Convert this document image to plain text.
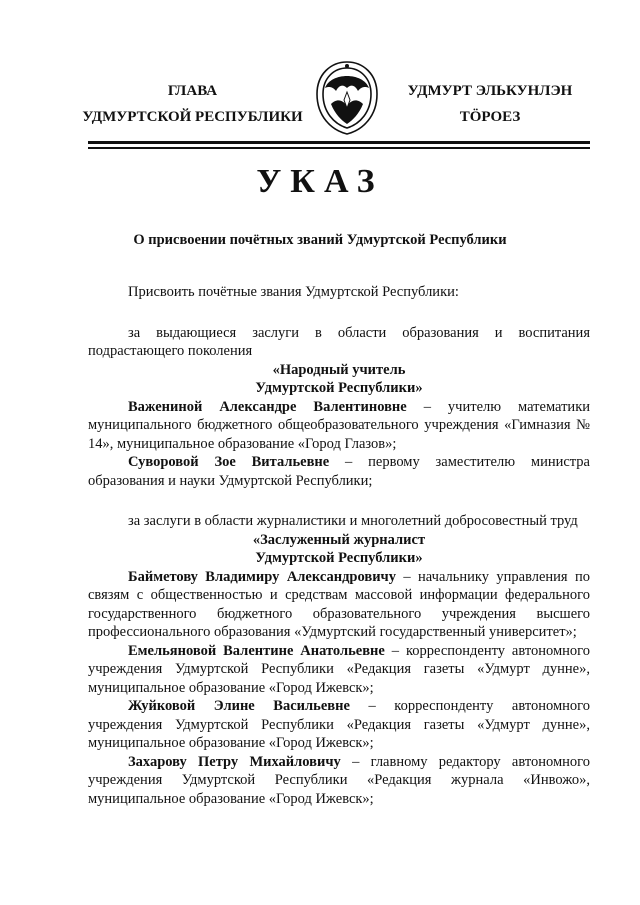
ГЛАВА
УДМУРТСКОЙ РЕСПУБЛИКИ
УДМУРТ ЭЛЬКУНЛЭН
ТӦРОЕЗ
УКАЗ
О присвоении почётных званий Удмуртской Республики

Присвоить почётные звания Удмуртской Республики:

за выдающиеся заслуги в области образования и воспитания подрастающего поколения

«Народный учитель

Удмуртской Республики»

Важениной Александре Валентиновне – учителю математики муниципального бюджетного общеобразовательного учреждения «Гимназия № 14», муниципальное образование «Город Глазов»;

Суворовой Зое Витальевне – первому заместителю министра образования и науки Удмуртской Республики;

за заслуги в области журналистики и многолетний добросовестный труд

«Заслуженный журналист

Удмуртской Республики»

Байметову Владимиру Александровичу – начальнику управления по связям с общественностью и средствам массовой информации федерального государственного бюджетного образовательного учреждения высшего профессионального образования «Удмуртский государственный университет»;

Емельяновой Валентине Анатольевне – корреспонденту автономного учреждения Удмуртской Республики «Редакция газеты «Удмурт дунне», муниципальное образование «Город Ижевск»;

Жуйковой Элине Васильевне – корреспонденту автономного учреждения Удмуртской Республики «Редакция газеты «Удмурт дунне», муниципальное образование «Город Ижевск»;

Захарову Петру Михайловичу – главному редактору автономного учреждения Удмуртской Республики «Редакция журнала «Инвожо», муниципальное образование «Город Ижевск»;
